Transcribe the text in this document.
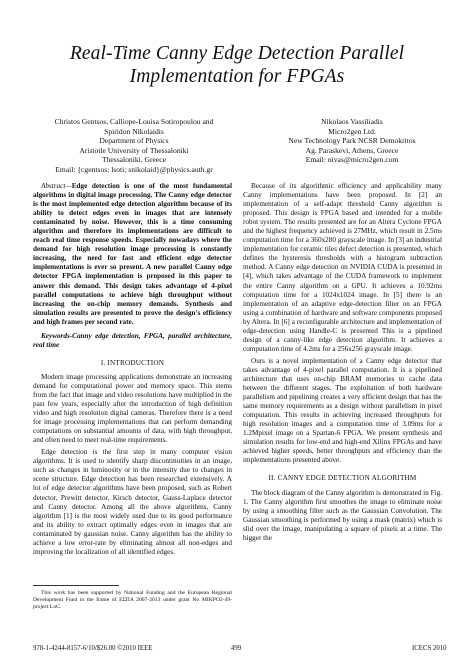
Real-Time Canny Edge Detection Parallel
Implementation for FPGAs
Christos Gentsos, Calliope-Louisa Sotiropoulou and
Spiridon Nikolaidis
Department of Physics
Aristotle University of Thessaloniki
Thessaloniki, Greece
Email: {cgentsos; lsoti; snikolaid}@physics.auth.gr
Nikolaos Vassiliadis
Micro2gen Ltd.
New Technology Park NCSR Demokritos
Ag. Paraskevi, Athens, Greece
Email: nivas@micro2gen.com

Abstract—Edge detection is one of the most fundamental algorithms in digital image processing. The Canny edge detector is the most implemented edge detection algorithm because of its ability to detect edges even in images that are intensely contaminated by noise. However, this is a time consuming algorithm and therefore its implementations are difficult to reach real time response speeds. Especially nowadays where the demand for high resolution image processing is constantly increasing, the need for fast and efficient edge detector implementations is ever so present. A new parallel Canny edge detector FPGA implementation is proposed in this paper to answer this demand. This design takes advantage of 4-pixel parallel computations to achieve high throughput without increasing the on-chip memory demands. Synthesis and simulation results are presented to prove the design's efficiency and high frames per second rate.

Keywords-Canny edge detection, FPGA, parallel architecture, real time

I. INTRODUCTION

Modern image processing applications demonstrate an increasing demand for computational power and memory space. This stems from the fact that image and video resolutions have multiplied in the past few years, especially after the introduction of high definition video and high resolution digital cameras. Therefore there is a need for image processing implementations that can perform demanding computations on substantial amounts of data, with high throughput, and often need to meet real-time requirements.

Edge detection is the first step in many computer vision algorithms. It is used to identify sharp discontinuities in an image, such as changes in luminosity or in the intensity due to changes in scene structure. Edge detection has been researched extensively. A lot of edge detector algorithms have been proposed, such as Robert detector, Prewitt detector, Kirsch detector, Gauss-Laplace detector and Canny detector. Among all the above algorithms, Canny algorithm [1] is the most widely used due to its good performance and its ability to extract optimally edges even in images that are contaminated by gaussian noise. Canny algorithm has the ability to achieve a low error-rate by eliminating almost all non-edges and improving the localization of all identified edges.

Because of its algorithmic efficiency and applicability many Canny implementations have been proposed. In [2] an implementation of a self-adapt threshold Canny algorithm is proposed. This design is FPGA based and intended for a mobile robot system. The results presented are for an Altera Cyclone FPGA and the highest frequency achieved is 27MHz, which result in 2.5ms computation time for a 360x280 grayscale image. In [3] an industrial implementation for ceramic tiles defect detection is presented, which defines the hysteresis thresholds with a histogram subtraction method. A Canny edge detection on NVIDIA CUDA is presented in [4], which takes advantage of the CUDA framework to implement the entire Canny algorithm on a GPU. It achieves a 10.92ms computation time for a 1024x1024 image. In [5] there is an implementation of an adaptive edge-detection filter on an FPGA using a combination of hardware and software components proposed by Altera. In [6] a reconfigurable architecture and implementation of edge-detection using Handle-C is presented This is a pipelined design of a canny-like edge detection algorithm. It achieves a computation time of 4.2ms for a 256x256 grayscale image.

Ours is a novel implementation of a Canny edge detector that takes advantage of 4-pixel parallel computation. It is a pipelined architecture that uses on-chip BRAM memories to cache data between the different stages. The exploitation of both hardware parallelism and pipelining creates a very efficient design that has the same memory requirements as a design without parallelism in pixel computation. This results in achieving increased throughputs for high resolution images and a computation time of 3.09ms for a 1.2Mpixel image on a Spartan-6 FPGA. We present synthesis and simulation results for low-end and high-end Xilinx FPGAs and have achieved higher speeds, better throughputs and efficiency than the implementations presented above.

II. CANNY EDGE DETECTION ALGORITHM

The block diagram of the Canny algorithm is demonstrated in Fig. 1. The Canny algorithm first smoothes the image to eliminate noise by using a smoothing filter such as the Gaussian Convolution. The Gaussian smoothing is performed by using a mask (matrix) which is slid over the image, manipulating a square of pixels at a time. The bigger the

This work has been supported by National Funding and the European Regional Development Fund in the frame of ΕΣΠΑ 2007-2013 under grant No MIKPO2-49-project LoC.

978-1-4244-8157-6/10/$26.00 ©2010 IEEE	499	ICECS 2010
